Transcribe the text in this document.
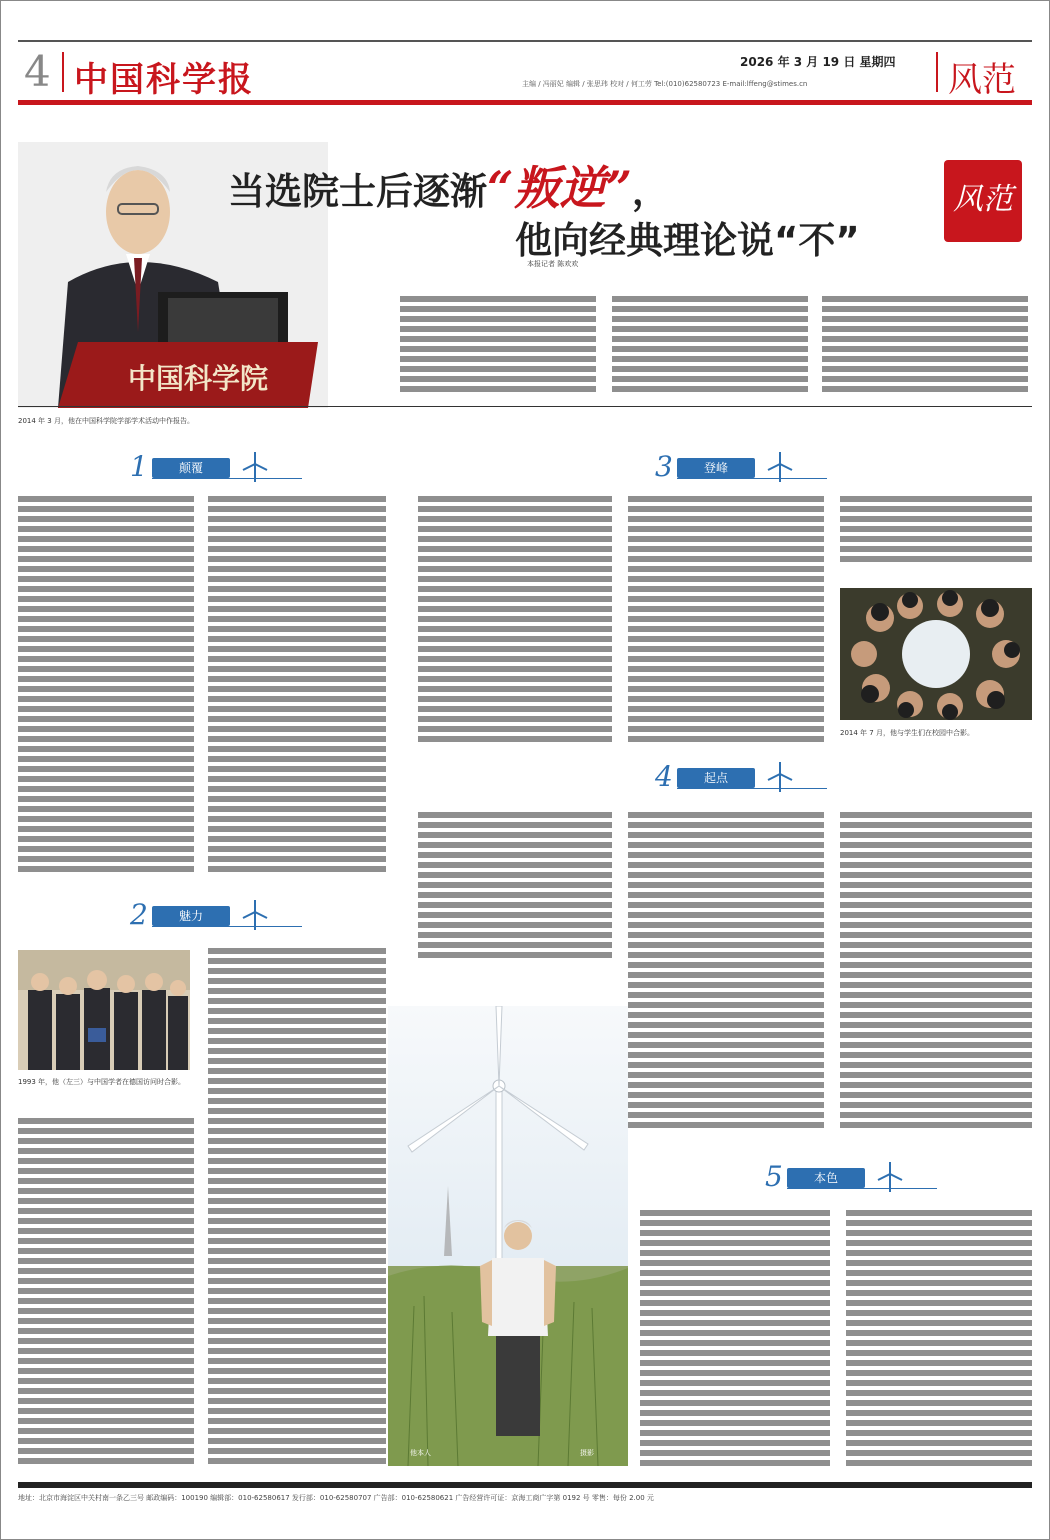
4 中国科学报	2026 年 3 月 19 日 星期四
主编 / 冯丽妃 编辑 / 张思玮 校对 / 何工劳 Tel:(010)62580723 E-mail:lffeng@stimes.cn	风范
中国科学院
2014 年 3 月，他在中国科学院学部学术活动中作报告。
当选院士后逐渐“叛逆”，
他向经典理论说“不”
本报记者 陈欢欢
风范
1	颠覆
2	魅力
3	登峰
4	起点
5	本色
1993 年，他（左三）与中国学者在德国访问时合影。
2014 年 7 月，他与学生们在校园中合影。
他本人	摄影
地址：北京市海淀区中关村南一条乙三号 邮政编码：100190 编辑部：010-62580617 发行部：010-62580707 广告部：010-62580621 广告经营许可证：京海工商广字第 0192 号 零售：每份 2.00 元
